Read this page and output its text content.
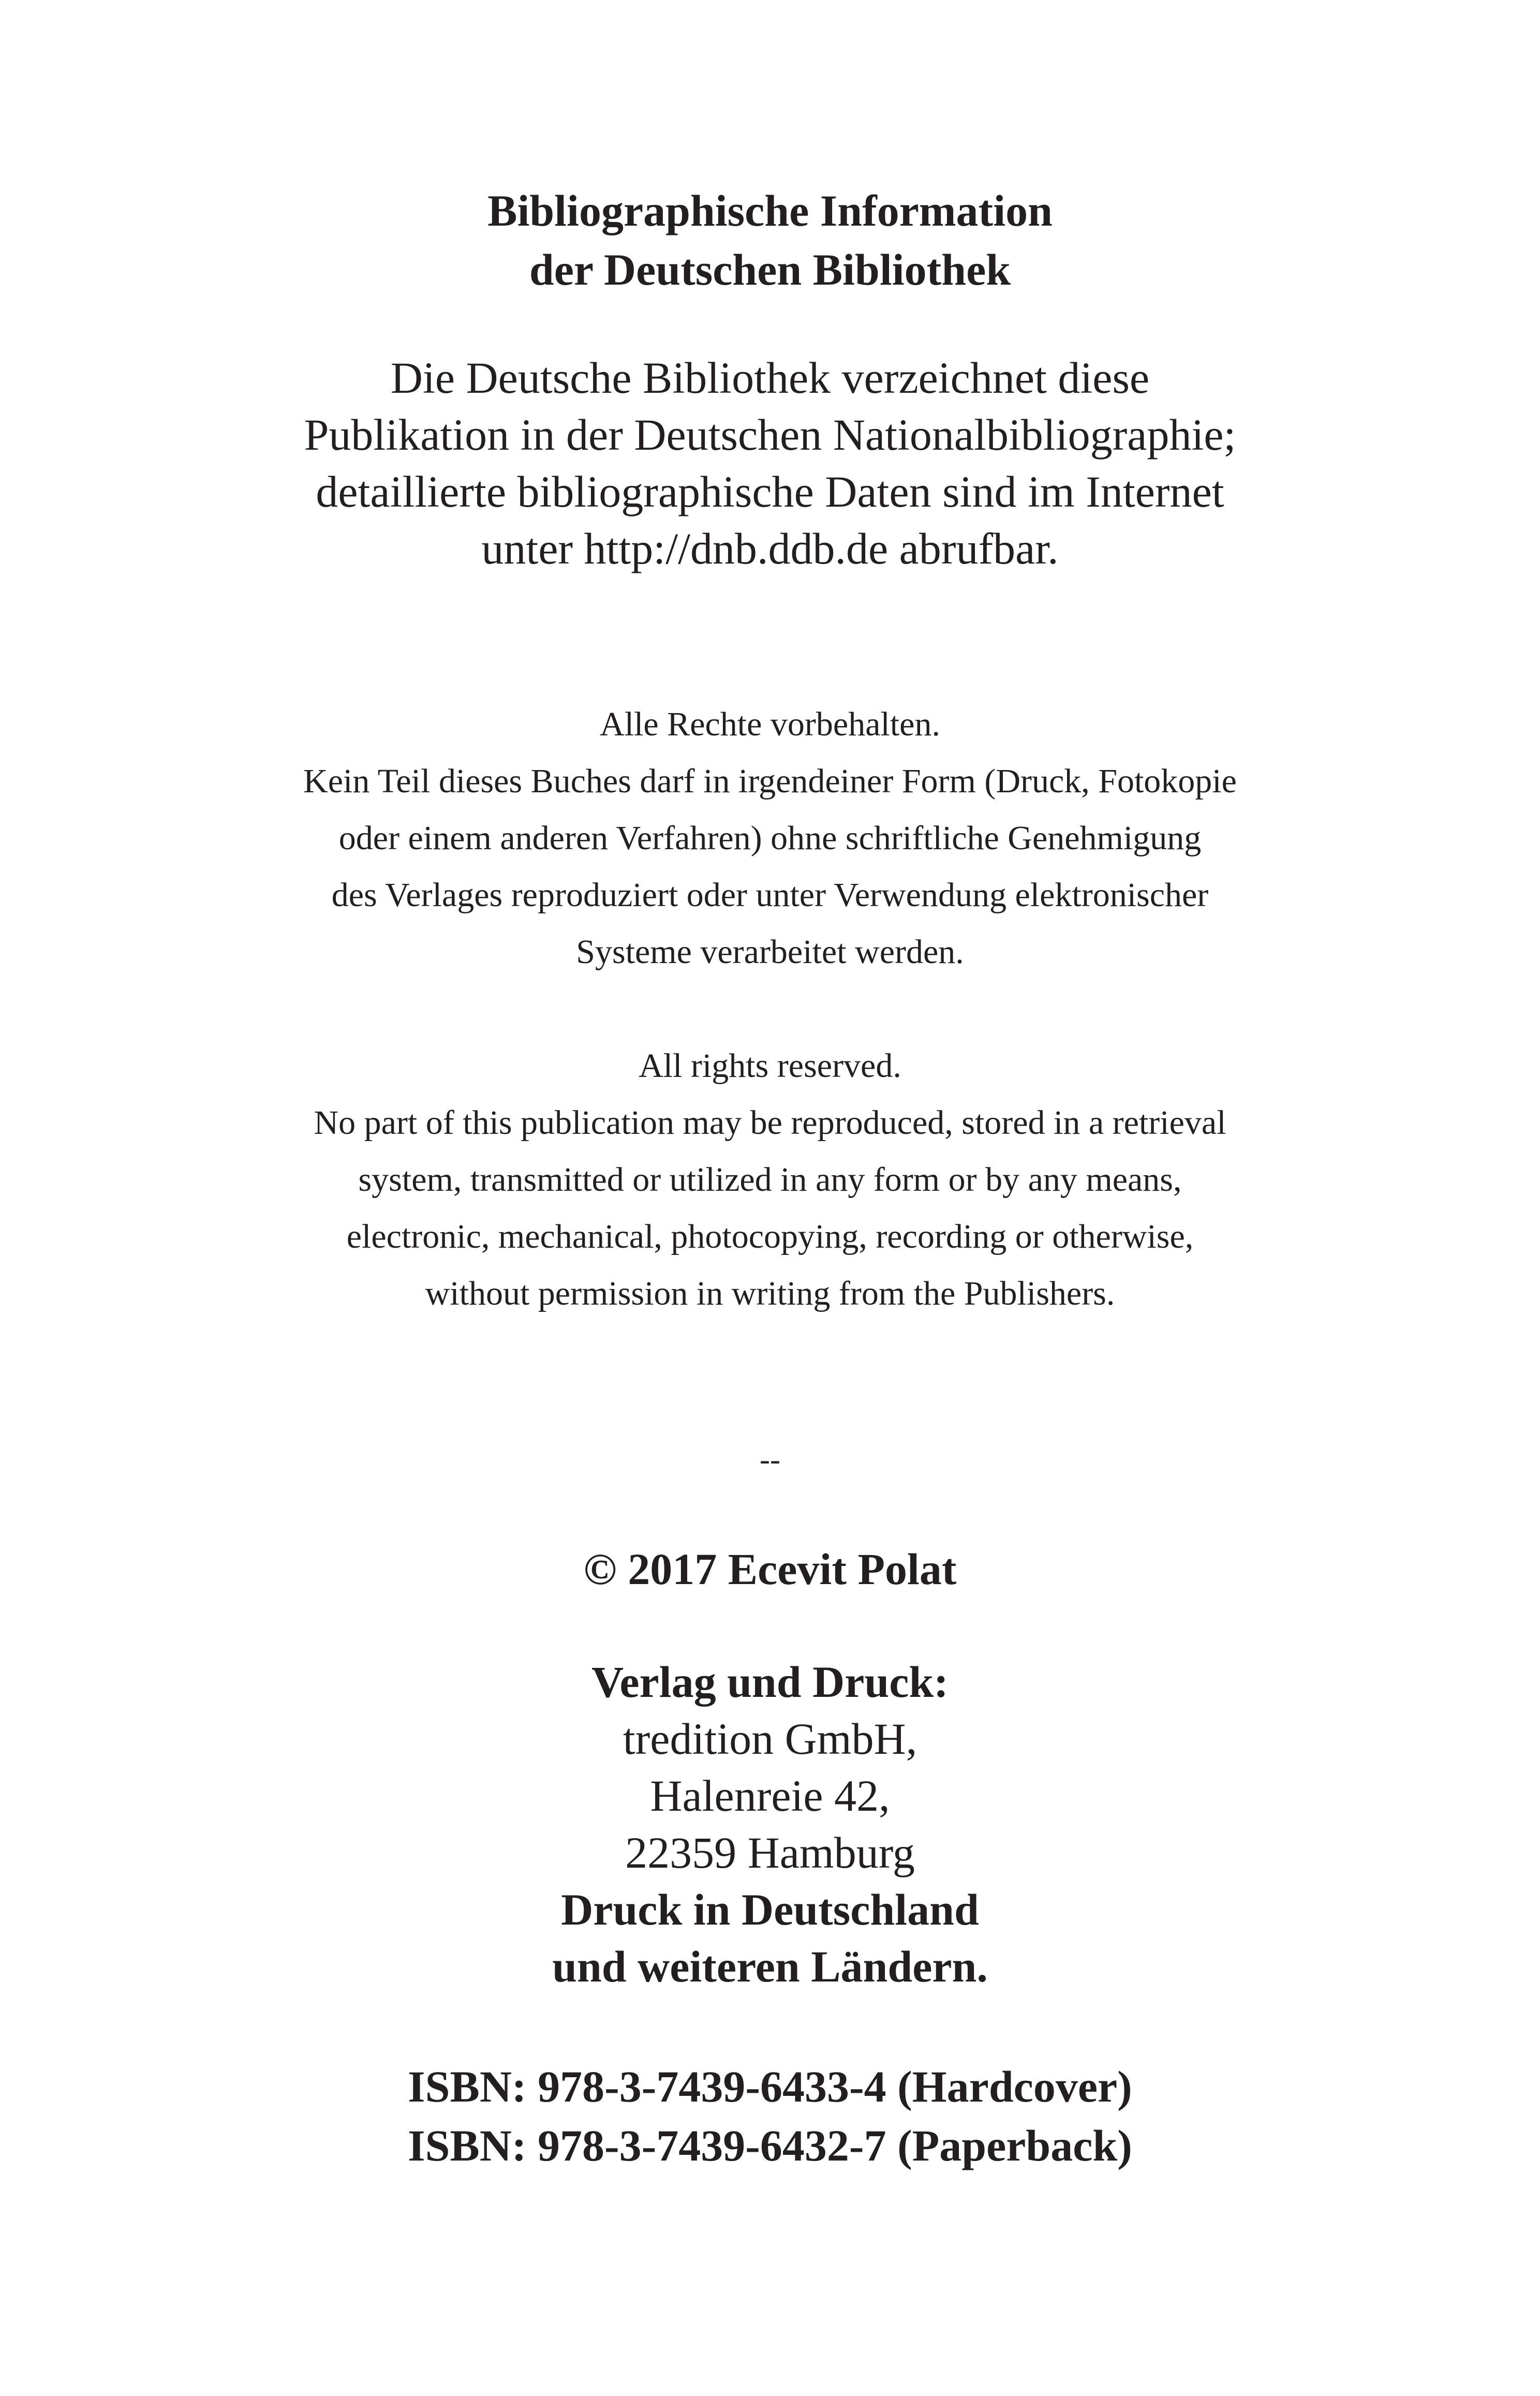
Bibliographische Information
der Deutschen Bibliothek
Die Deutsche Bibliothek verzeichnet diese
Publikation in der Deutschen Nationalbibliographie;
detaillierte bibliographische Daten sind im Internet
unter http://dnb.ddb.de abrufbar.
Alle Rechte vorbehalten.
Kein Teil dieses Buches darf in irgendeiner Form (Druck, Fotokopie
oder einem anderen Verfahren) ohne schriftliche Genehmigung
des Verlages reproduziert oder unter Verwendung elektronischer
Systeme verarbeitet werden.
All rights reserved.
No part of this publication may be reproduced, stored in a retrieval
system, transmitted or utilized in any form or by any means,
electronic, mechanical, photocopying, recording or otherwise,
without permission in writing from the Publishers.
--
© 2017 Ecevit Polat
Verlag und Druck:
tredition GmbH,
Halenreie 42,
22359 Hamburg
Druck in Deutschland
und weiteren Ländern.
ISBN: 978-3-7439-6433-4 (Hardcover)
ISBN: 978-3-7439-6432-7 (Paperback)
